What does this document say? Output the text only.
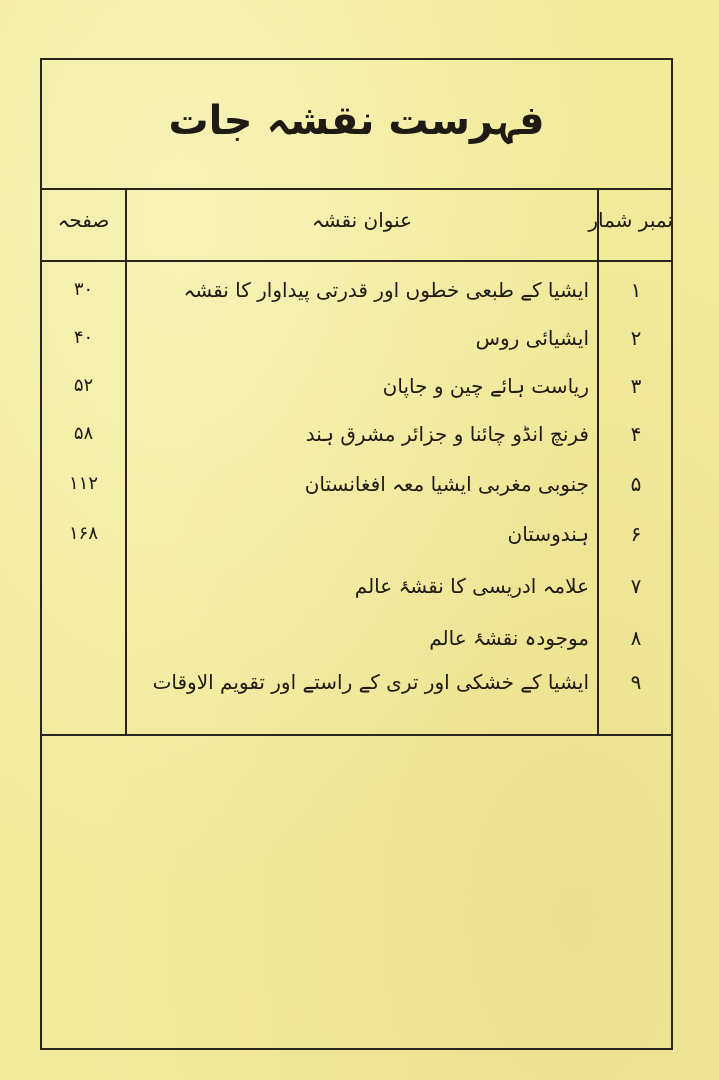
فہرست نقشہ جات
نمبر شمار
عنوان نقشہ
صفحہ
۱
ایشیا کے طبعی خطوں اور قدرتی پیداوار کا نقشہ
۳۰
۲
ایشیائی روس
۴۰
۳
ریاست ہائے چین و جاپان
۵۲
۴
فرنچ انڈو چائنا و جزائر مشرق ہند
۵۸
۵
جنوبی مغربی ایشیا معہ افغانستان
۱۱۲
۶
ہندوستان
۱۶۸
۷
علامہ ادریسی کا نقشۂ عالم
۸
موجودہ نقشۂ عالم
۹
ایشیا کے خشکی اور تری کے راستے اور تقویم الاوقات
